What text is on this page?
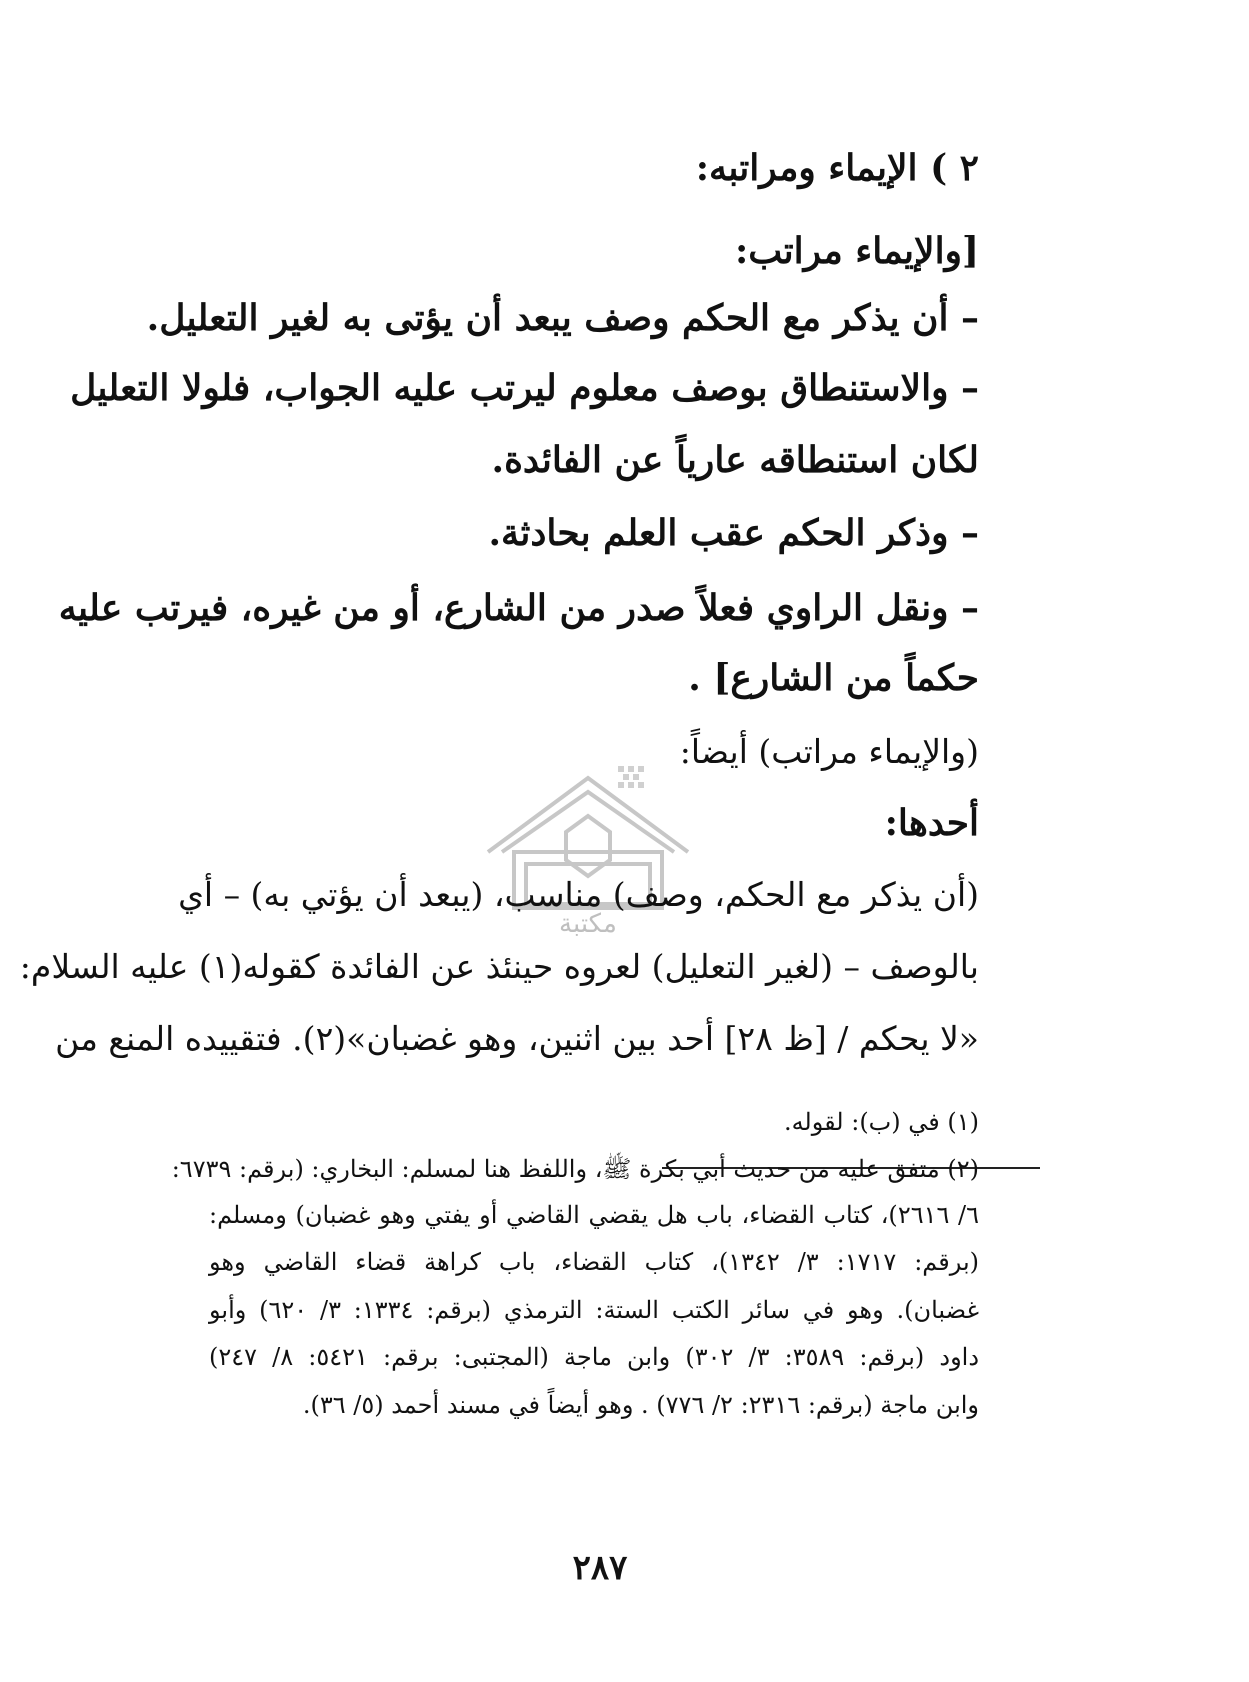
٢ ) الإيماء ومراتبه:
[والإيماء مراتب:
– أن يذكر مع الحكم وصف يبعد أن يؤتى به لغير التعليل.
– والاستنطاق بوصف معلوم ليرتب عليه الجواب، فلولا التعليل
لكان استنطاقه عارياً عن الفائدة.
– وذكر الحكم عقب العلم بحادثة.
– ونقل الراوي فعلاً صدر من الشارع، أو من غيره، فيرتب عليه
حكماً من الشارع] .
مكتبة
(والإيماء مراتب) أيضاً:
أحدها:
(أن يذكر مع الحكم، وصف) مناسب، (يبعد أن يؤتي به) – أي
بالوصف – (لغير التعليل) لعروه حينئذ عن الفائدة كقوله(١) عليه السلام:
«لا يحكم / [ظ ٢٨] أحد بين اثنين، وهو غضبان»(٢). فتقييده المنع من
(١) في (ب): لقوله.
(٢) متفق عليه من حديث أبي بكرة ﷺ، واللفظ هنا لمسلم: البخاري: (برقم: ٦٧٣٩:
٦/ ٢٦١٦)، كتاب القضاء، باب هل يقضي القاضي أو يفتي وهو غضبان) ومسلم:
(برقم: ١٧١٧: ٣/ ١٣٤٢)، كتاب القضاء، باب كراهة قضاء القاضي وهو
غضبان). وهو في سائر الكتب الستة: الترمذي (برقم: ١٣٣٤: ٣/ ٦٢٠) وأبو
داود (برقم: ٣٥٨٩: ٣/ ٣٠٢) وابن ماجة (المجتبى: برقم: ٥٤٢١: ٨/ ٢٤٧)
وابن ماجة (برقم: ٢٣١٦: ٢/ ٧٧٦) . وهو أيضاً في مسند أحمد (٥/ ٣٦).
٢٨٧
